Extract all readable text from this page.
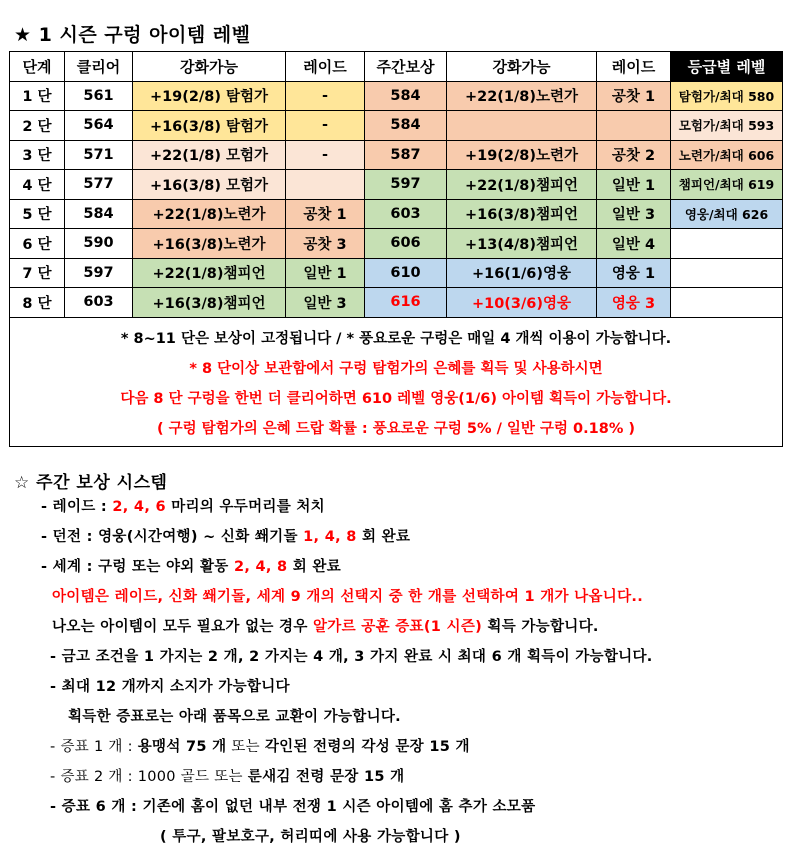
★ 1 시즌 구렁 아이템 레벨
단계	클리어	강화가능	레이드	주간보상	강화가능	레이드	등급별 레벨
1 단	561	+19(2/8) 탐험가	-	584	+22(1/8)노련가	공찻 1	탐험가/최대 580
2 단	564	+16(3/8) 탐험가	-	584			모험가/최대 593
3 단	571	+22(1/8) 모험가	-	587	+19(2/8)노련가	공찻 2	노련가/최대 606
4 단	577	+16(3/8) 모험가		597	+22(1/8)챔피언	일반 1	챔피언/최대 619
5 단	584	+22(1/8)노련가	공찻 1	603	+16(3/8)챔피언	일반 3	영웅/최대 626
6 단	590	+16(3/8)노련가	공찻 3	606	+13(4/8)챔피언	일반 4	
7 단	597	+22(1/8)챔피언	일반 1	610	+16(1/6)영웅	영웅 1	
8 단	603	+16(3/8)챔피언	일반 3	616	+10(3/6)영웅	영웅 3	

* 8~11 단은 보상이 고정됩니다 / * 풍요로운 구렁은 매일 4 개씩 이용이 가능합니다.
* 8 단이상 보관함에서 구렁 탐험가의 은혜를 획득 및 사용하시면
다음 8 단 구렁을 한번 더 클리어하면 610 레벨 영웅(1/6) 아이템 획득이 가능합니다.
( 구렁 탐험가의 은혜 드랍 확률 : 풍요로운 구렁 5% / 일반 구렁 0.18% )							
☆ 주간 보상 시스템
- 레이드 : 2, 4, 6 마리의 우두머리를 처치
- 던전 : 영웅(시간여행) ~ 신화 쐐기돌 1, 4, 8 회 완료
- 세계 : 구렁 또는 야외 활동 2, 4, 8 회 완료
아이템은 레이드, 신화 쐐기돌, 세계 9 개의 선택지 중 한 개를 선택하여 1 개가 나옵니다..
나오는 아이템이 모두 필요가 없는 경우 알가르 공훈 증표(1 시즌) 획득 가능합니다.
- 금고 조건을 1 가지는 2 개, 2 가지는 4 개, 3 가지 완료 시 최대 6 개 획득이 가능합니다.
- 최대 12 개까지 소지가 가능합니다
획득한 증표로는 아래 품목으로 교환이 가능합니다.
- 증표 1 개 : 용맹석 75 개 또는 각인된 전령의 각성 문장 15 개
- 증표 2 개 : 1000 골드 또는 룬새김 전령 문장 15 개
- 증표 6 개 : 기존에 홈이 없던 내부 전쟁 1 시즌 아이템에 홈 추가 소모품
( 투구, 팔보호구, 허리띠에 사용 가능합니다 )
